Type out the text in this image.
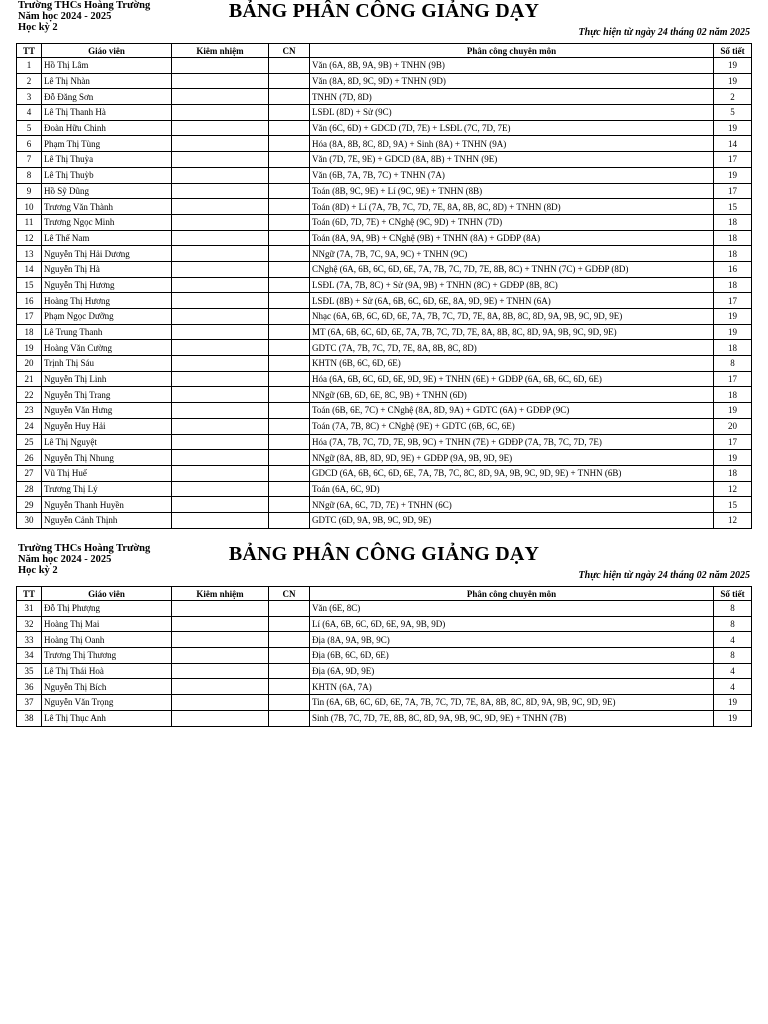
Trường THCs Hoàng Trường
Năm học 2024 - 2025
Học kỳ 2
BẢNG PHÂN CÔNG GIẢNG DẠY
Thực hiện từ ngày 24 tháng 02 năm 2025
TT	Giáo viên	Kiêm nhiệm	CN	Phân công chuyên môn	Số tiết
1	Hồ Thị Lâm			Văn (6A, 8B, 9A, 9B) + TNHN (9B)	19
2	Lê Thị Nhàn			Văn (8A, 8D, 9C, 9D) + TNHN (9D)	19
3	Đỗ Đăng Sơn			TNHN (7D, 8D)	2
4	Lê Thị Thanh Hà			LSĐL (8D) + Sử (9C)	5
5	Đoàn Hữu Chinh			Văn (6C, 6D) + GDCD (7D, 7E) + LSĐL (7C, 7D, 7E)	19
6	Phạm Thị Tùng			Hóa (8A, 8B, 8C, 8D, 9A) + Sinh (8A) + TNHN (9A)	14
7	Lê Thị Thuỳa			Văn (7D, 7E, 9E) + GDCD (8A, 8B) + TNHN (9E)	17
8	Lê Thị Thuỳb			Văn (6B, 7A, 7B, 7C) + TNHN (7A)	19
9	Hồ Sỹ Dũng			Toán (8B, 9C, 9E) + Lí (9C, 9E) + TNHN (8B)	17
10	Trương Văn Thành			Toán (8D) + Lí (7A, 7B, 7C, 7D, 7E, 8A, 8B, 8C, 8D) + TNHN (8D)	15
11	Trương Ngọc Minh			Toán (6D, 7D, 7E) + CNghệ (9C, 9D) + TNHN (7D)	18
12	Lê Thế Nam			Toán (8A, 9A, 9B) + CNghệ (9B) + TNHN (8A) + GDĐP (8A)	18
13	Nguyễn Thị Hải Dương			NNgữ (7A, 7B, 7C, 9A, 9C) + TNHN (9C)	18
14	Nguyễn Thị Hà			CNghệ (6A, 6B, 6C, 6D, 6E, 7A, 7B, 7C, 7D, 7E, 8B, 8C) + TNHN (7C) + GDĐP (8D)	16
15	Nguyễn Thị Hương			LSĐL (7A, 7B, 8C) + Sử (9A, 9B) + TNHN (8C) + GDĐP (8B, 8C)	18
16	Hoàng Thị Hương			LSĐL (8B) + Sử (6A, 6B, 6C, 6D, 6E, 8A, 9D, 9E) + TNHN (6A)	17
17	Phạm Ngọc Dưỡng			Nhạc (6A, 6B, 6C, 6D, 6E, 7A, 7B, 7C, 7D, 7E, 8A, 8B, 8C, 8D, 9A, 9B, 9C, 9D, 9E)	19
18	Lê Trung Thanh			MT (6A, 6B, 6C, 6D, 6E, 7A, 7B, 7C, 7D, 7E, 8A, 8B, 8C, 8D, 9A, 9B, 9C, 9D, 9E)	19
19	Hoàng Văn Cường			GDTC (7A, 7B, 7C, 7D, 7E, 8A, 8B, 8C, 8D)	18
20	Trịnh Thị Sáu			KHTN (6B, 6C, 6D, 6E)	8
21	Nguyễn Thị Linh			Hóa (6A, 6B, 6C, 6D, 6E, 9D, 9E) + TNHN (6E) + GDĐP (6A, 6B, 6C, 6D, 6E)	17
22	Nguyễn Thị Trang			NNgữ (6B, 6D, 6E, 8C, 9B) + TNHN (6D)	18
23	Nguyễn Văn Hưng			Toán (6B, 6E, 7C) + CNghệ (8A, 8D, 9A) + GDTC (6A) + GDĐP (9C)	19
24	Nguyễn Huy Hải			Toán (7A, 7B, 8C) + CNghệ (9E) + GDTC (6B, 6C, 6E)	20
25	Lê Thị Nguyệt			Hóa (7A, 7B, 7C, 7D, 7E, 9B, 9C) + TNHN (7E) + GDĐP (7A, 7B, 7C, 7D, 7E)	17
26	Nguyễn Thị Nhung			NNgữ (8A, 8B, 8D, 9D, 9E) + GDĐP (9A, 9B, 9D, 9E)	19
27	Vũ Thị Huế			GDCD (6A, 6B, 6C, 6D, 6E, 7A, 7B, 7C, 8C, 8D, 9A, 9B, 9C, 9D, 9E) + TNHN (6B)	18
28	Trương Thị Lý			Toán (6A, 6C, 9D)	12
29	Nguyễn Thanh Huyền			NNgữ (6A, 6C, 7D, 7E) + TNHN (6C)	15
30	Nguyễn Cảnh Thịnh			GDTC (6D, 9A, 9B, 9C, 9D, 9E)	12
Trường THCs Hoàng Trường
Năm học 2024 - 2025
Học kỳ 2
BẢNG PHÂN CÔNG GIẢNG DẠY
Thực hiện từ ngày 24 tháng 02 năm 2025
TT	Giáo viên	Kiêm nhiệm	CN	Phân công chuyên môn	Số tiết
31	Đỗ Thị Phượng			Văn (6E, 8C)	8
32	Hoàng Thị Mai			Lí (6A, 6B, 6C, 6D, 6E, 9A, 9B, 9D)	8
33	Hoàng Thị Oanh			Địa (8A, 9A, 9B, 9C)	4
34	Trương Thị Thương			Địa (6B, 6C, 6D, 6E)	8
35	Lê Thị Thái Hoà			Địa (6A, 9D, 9E)	4
36	Nguyễn Thị Bích			KHTN (6A, 7A)	4
37	Nguyễn Văn Trọng			Tin (6A, 6B, 6C, 6D, 6E, 7A, 7B, 7C, 7D, 7E, 8A, 8B, 8C, 8D, 9A, 9B, 9C, 9D, 9E)	19
38	Lê Thị Thục Anh			Sinh (7B, 7C, 7D, 7E, 8B, 8C, 8D, 9A, 9B, 9C, 9D, 9E) + TNHN (7B)	19
